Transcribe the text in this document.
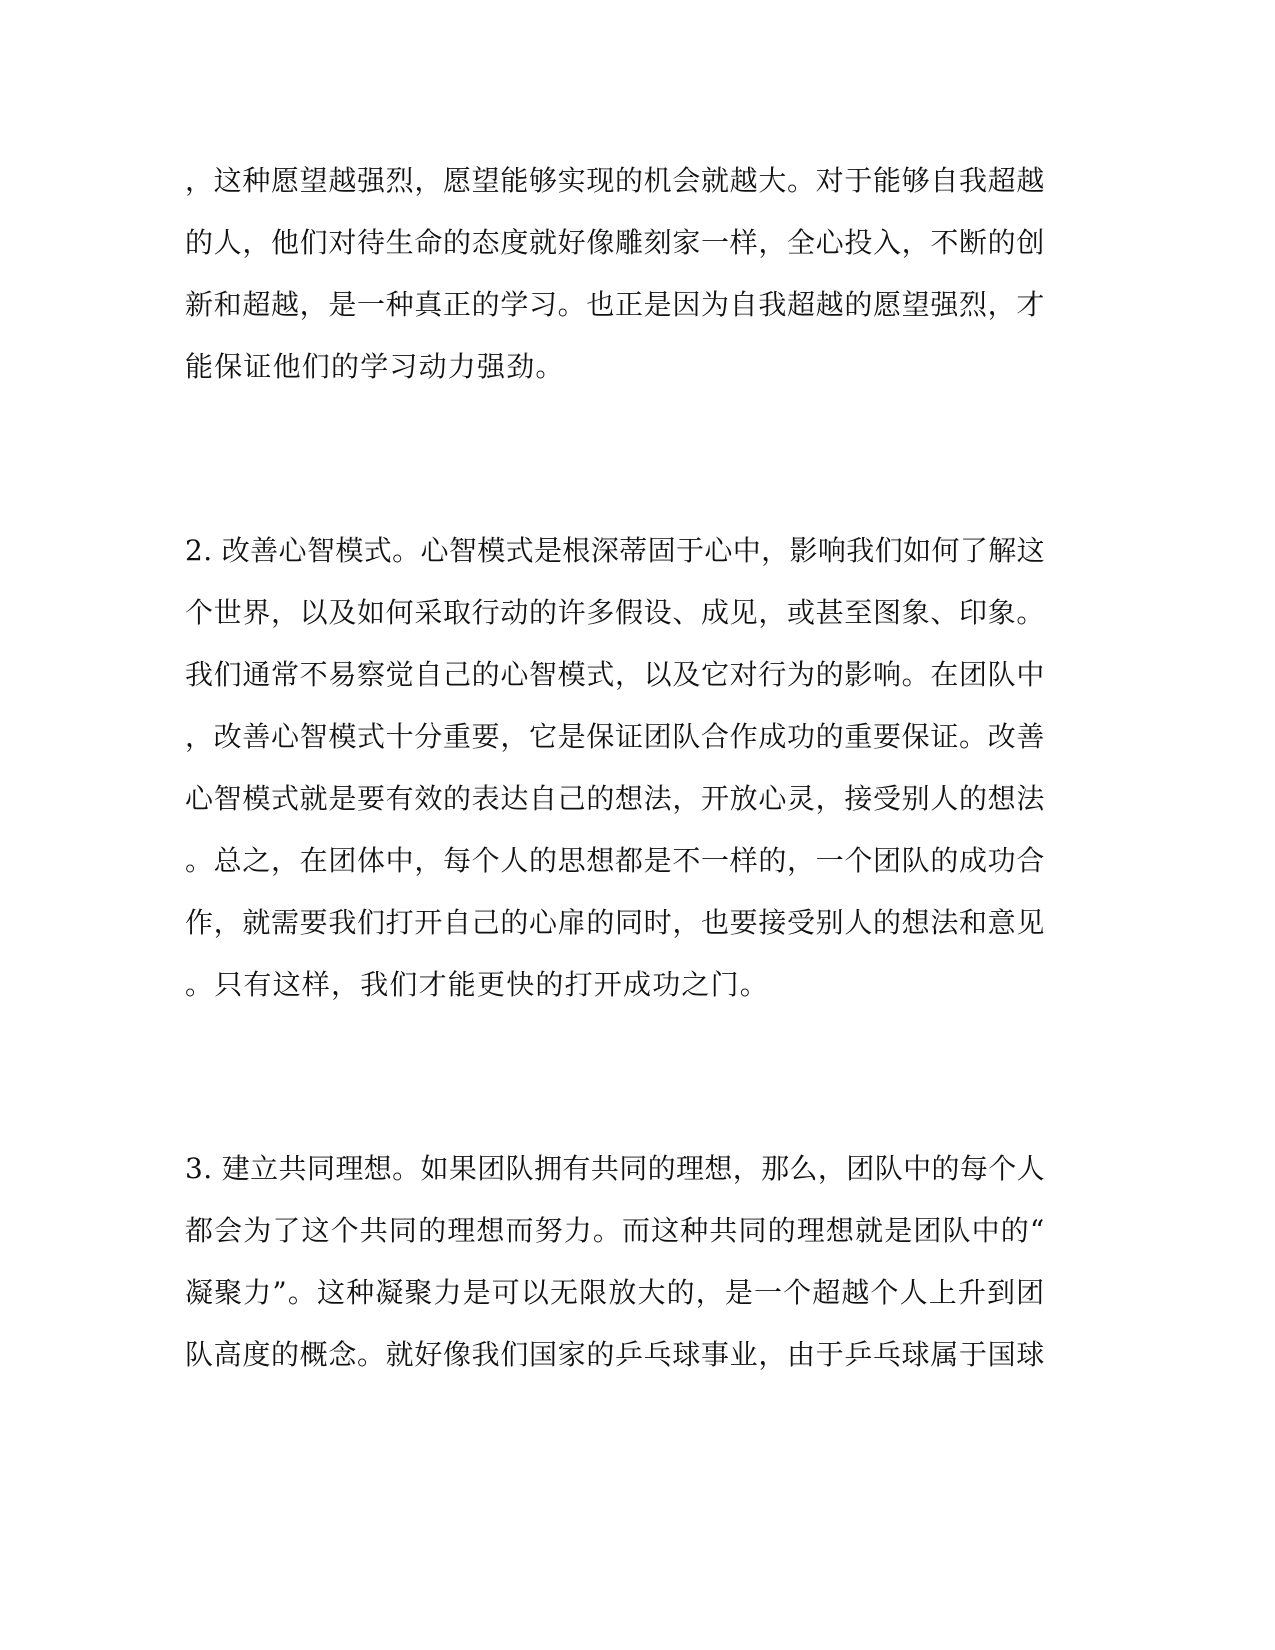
，这种愿望越强烈，愿望能够实现的机会就越大。对于能够自我超越
的人，他们对待生命的态度就好像雕刻家一样，全心投入，不断的创
新和超越，是一种真正的学习。也正是因为自我超越的愿望强烈，才
能保证他们的学习动力强劲。
2. 改善心智模式。心智模式是根深蒂固于心中，影响我们如何了解这
个世界，以及如何采取行动的许多假设、成见，或甚至图象、印象。
我们通常不易察觉自己的心智模式，以及它对行为的影响。在团队中
，改善心智模式十分重要，它是保证团队合作成功的重要保证。改善
心智模式就是要有效的表达自己的想法，开放心灵，接受别人的想法
。总之，在团体中，每个人的思想都是不一样的，一个团队的成功合
作，就需要我们打开自己的心扉的同时，也要接受别人的想法和意见
。只有这样，我们才能更快的打开成功之门。
3. 建立共同理想。如果团队拥有共同的理想，那么，团队中的每个人
都会为了这个共同的理想而努力。而这种共同的理想就是团队中的“
凝聚力”。这种凝聚力是可以无限放大的，是一个超越个人上升到团
队高度的概念。就好像我们国家的乒乓球事业，由于乒乓球属于国球
